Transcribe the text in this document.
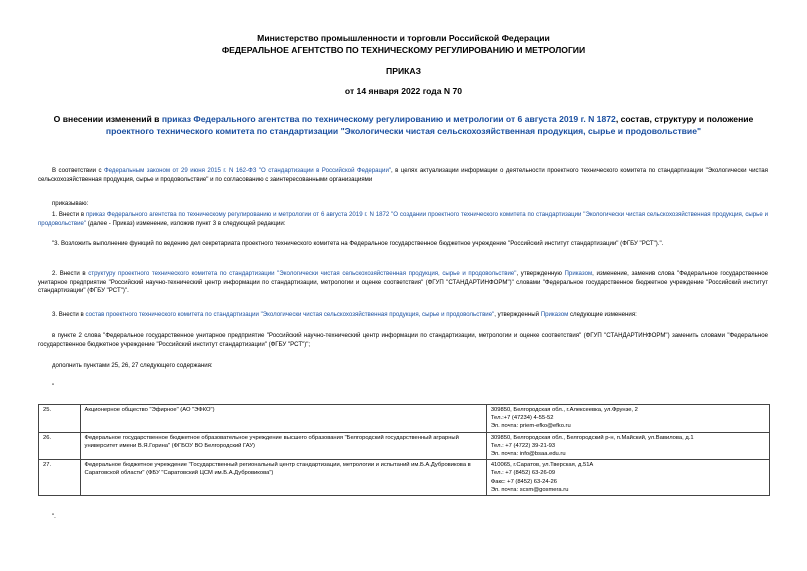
Министерство промышленности и торговли Российской Федерации
ФЕДЕРАЛЬНОЕ АГЕНТСТВО ПО ТЕХНИЧЕСКОМУ РЕГУЛИРОВАНИЮ И МЕТРОЛОГИИ
ПРИКАЗ
от 14 января 2022 года N 70
О внесении изменений в приказ Федерального агентства по техническому регулированию и метрологии от 6 августа 2019 г. N 1872, состав, структуру и положение проектного технического комитета по стандартизации "Экологически чистая сельскохозяйственная продукция, сырье и продовольствие"
В соответствии с Федеральным законом от 29 июня 2015 г. N 162-ФЗ "О стандартизации в Российской Федерации", в целях актуализации информации о деятельности проектного технического комитета по стандартизации "Экологически чистая сельскохозяйственная продукция, сырье и продовольствие" и по согласованию с заинтересованными организациями
приказываю:
1. Внести в приказ Федерального агентства по техническому регулированию и метрологии от 6 августа 2019 г. N 1872 "О создании проектного технического комитета по стандартизации "Экологически чистая сельскохозяйственная продукция, сырье и продовольствие" (далее - Приказ) изменение, изложив пункт 3 в следующей редакции:
"3. Возложить выполнение функций по ведению дел секретариата проектного технического комитета на Федеральное государственное бюджетное учреждение "Российский институт стандартизации" (ФГБУ "РСТ").".
2. Внести в структуру проектного технического комитета по стандартизации "Экологически чистая сельскохозяйственная продукция, сырье и продовольствие", утвержденную Приказом, изменение, заменив слова "Федеральное государственное унитарное предприятие "Российский научно-технический центр информации по стандартизации, метрологии и оценке соответствия" (ФГУП "СТАНДАРТИНФОРМ")" словами "Федеральное государственное бюджетное учреждение "Российский институт стандартизации" (ФГБУ "РСТ")".
3. Внести в состав проектного технического комитета по стандартизации "Экологически чистая сельскохозяйственная продукция, сырье и продовольствие", утвержденный Приказом следующие изменения:
в пункте 2 слова "Федеральное государственное унитарное предприятие "Российский научно-технический центр информации по стандартизации, метрологии и оценке соответствия" (ФГУП "СТАНДАРТИНФОРМ") заменить словами "Федеральное государственное бюджетное учреждение "Российский институт стандартизации" (ФГБУ "РСТ")";
дополнить пунктами 25, 26, 27 следующего содержания:
"
25.	Акционерное общество "Эфирное" (АО "ЭФКО")	309850, Белгородская обл., г.Алексеевка, ул.Фрунзе, 2
Тел.:+7 (47234) 4-55-52
Эл. почта: priem-efko@efko.ru

26.	Федеральное государственное бюджетное образовательное учреждение высшего образования "Белгородский государственный аграрный университет имени В.Я.Горина" (ФГБОУ ВО Белгородский ГАУ)	309850, Белгородская обл., Белгородский р-н, п.Майский, ул.Вавилова, д.1
Тел.: +7 (4722) 39-21-93
Эл. почта: info@bsaa.edu.ru

27.	Федеральное бюджетное учреждение "Государственный региональный центр стандартизации, метрологии и испытаний им.Б.А.Дубровикова в Саратовской области" (ФБУ "Саратовский ЦСМ им.Б.А.Дубровикова")	410065, г.Саратов, ул.Тверская, д.51А
Тел.: +7 (8452) 63-26-09
Факс: +7 (8452) 63-24-26
Эл. почта: scsm@gosmera.ru
".
